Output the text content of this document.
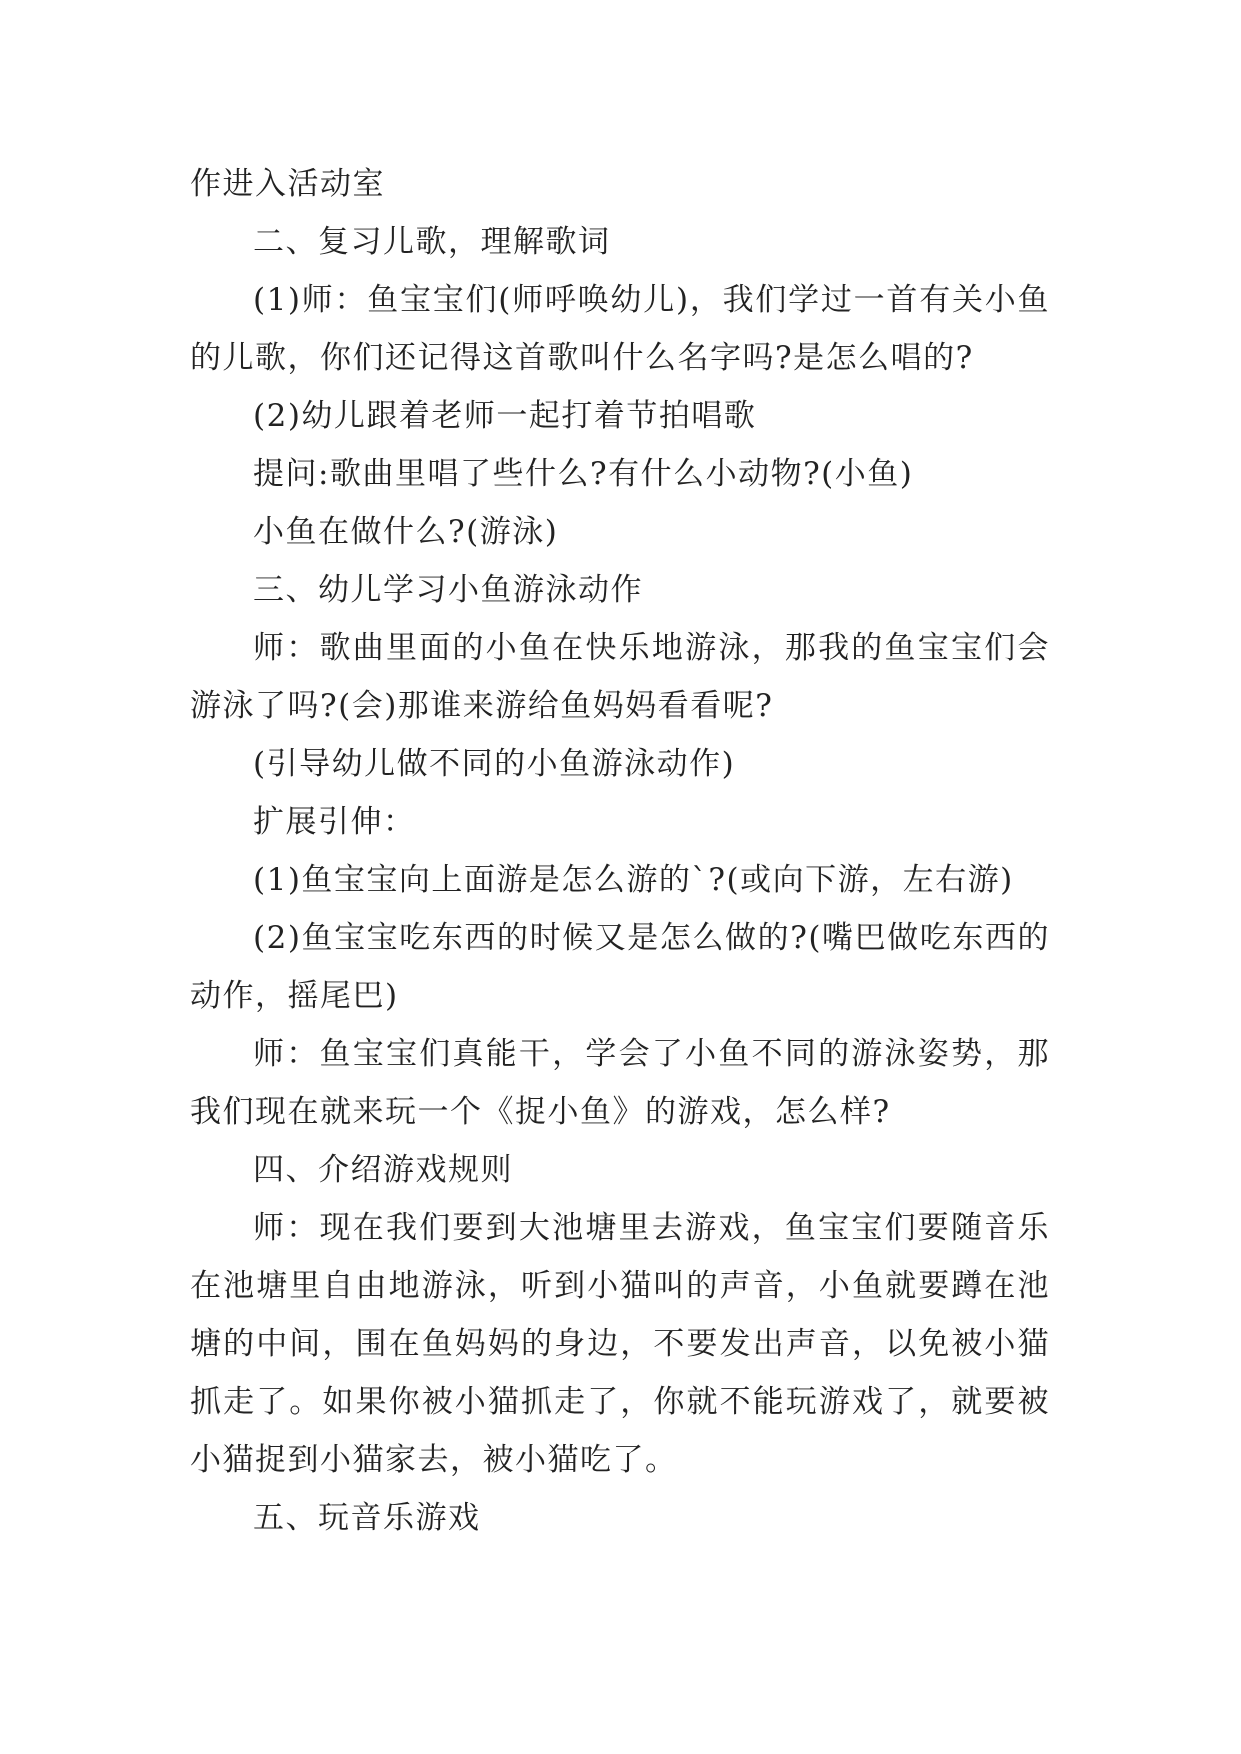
作进入活动室

二、复习儿歌，理解歌词

(1)师：鱼宝宝们(师呼唤幼儿)，我们学过一首有关小鱼的儿歌，你们还记得这首歌叫什么名字吗?是怎么唱的?

(2)幼儿跟着老师一起打着节拍唱歌

提问:歌曲里唱了些什么?有什么小动物?(小鱼)

小鱼在做什么?(游泳)

三、幼儿学习小鱼游泳动作

师：歌曲里面的小鱼在快乐地游泳，那我的鱼宝宝们会游泳了吗?(会)那谁来游给鱼妈妈看看呢?

(引导幼儿做不同的小鱼游泳动作)

扩展引伸：

(1)鱼宝宝向上面游是怎么游的`?(或向下游，左右游)

(2)鱼宝宝吃东西的时候又是怎么做的?(嘴巴做吃东西的动作，摇尾巴)

师：鱼宝宝们真能干，学会了小鱼不同的游泳姿势，那我们现在就来玩一个《捉小鱼》的游戏，怎么样?

四、介绍游戏规则

师：现在我们要到大池塘里去游戏，鱼宝宝们要随音乐在池塘里自由地游泳，听到小猫叫的声音，小鱼就要蹲在池塘的中间，围在鱼妈妈的身边，不要发出声音，以免被小猫抓走了。如果你被小猫抓走了，你就不能玩游戏了，就要被小猫捉到小猫家去，被小猫吃了。

五、玩音乐游戏
